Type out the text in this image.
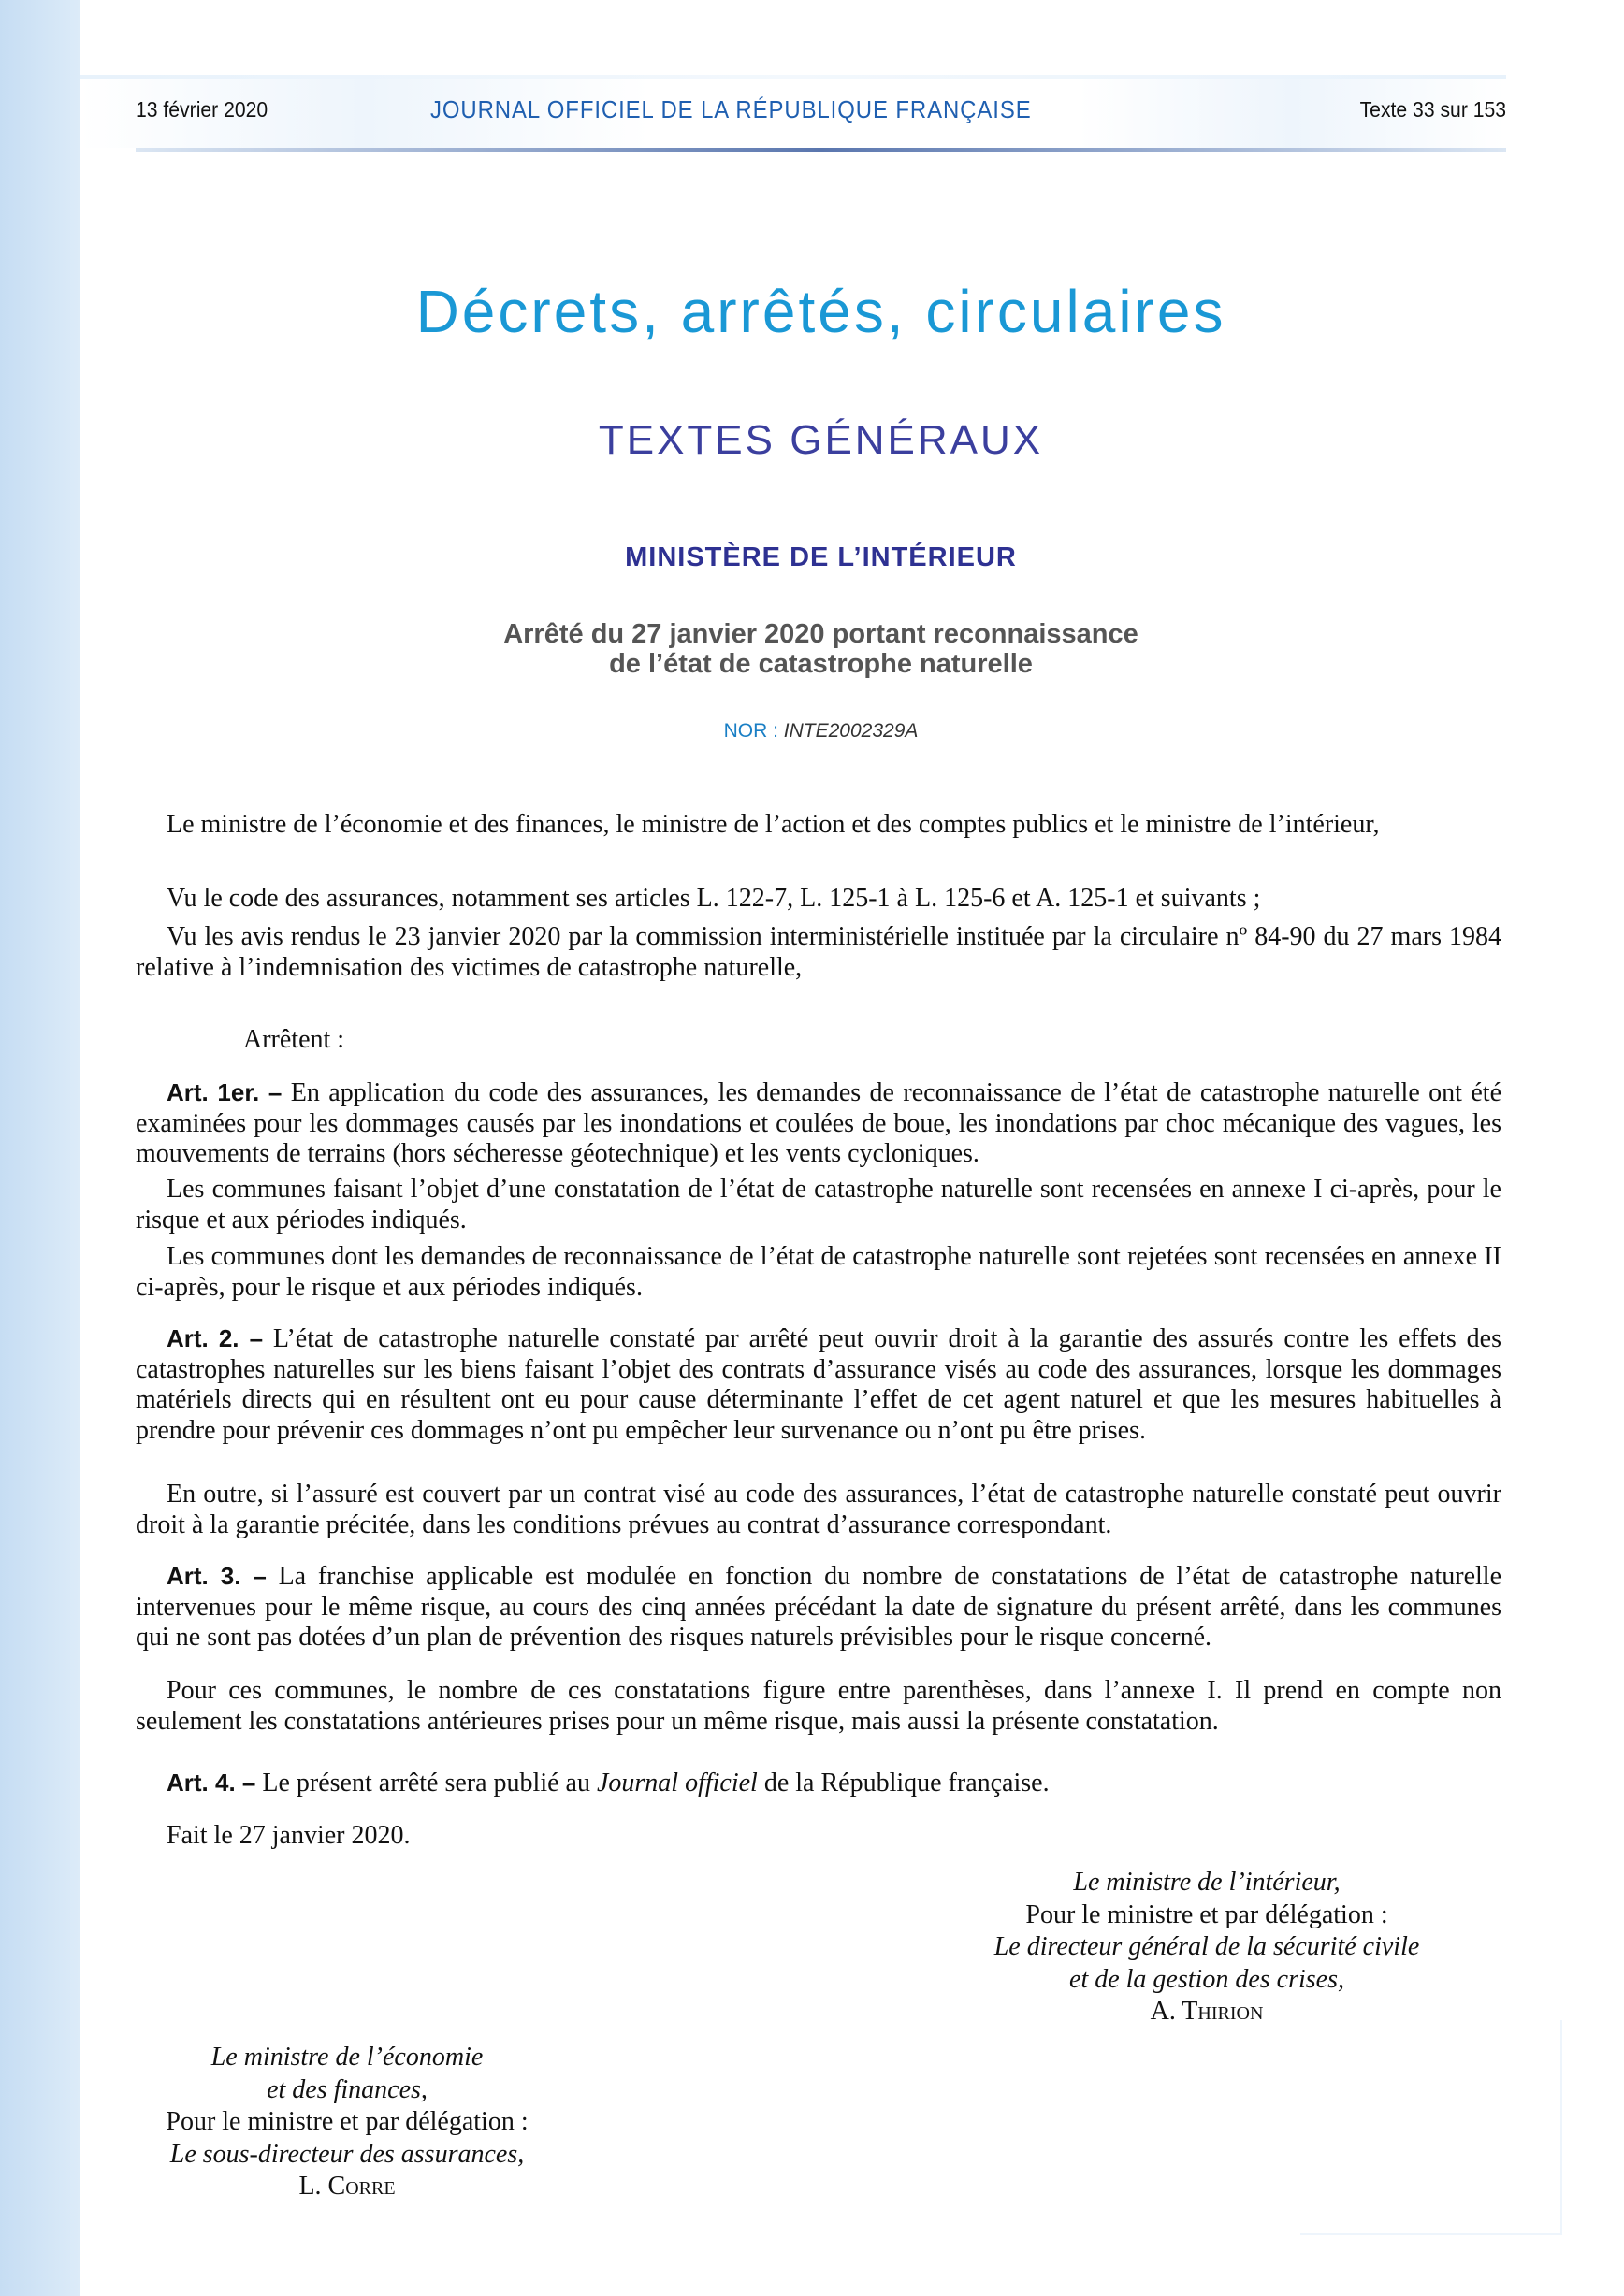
13 février 2020	JOURNAL OFFICIEL DE LA RÉPUBLIQUE FRANÇAISE	Texte 33 sur 153
Décrets, arrêtés, circulaires
TEXTES GÉNÉRAUX
MINISTÈRE DE L’INTÉRIEUR
Arrêté du 27 janvier 2020 portant reconnaissance
de l’état de catastrophe naturelle
NOR : INTE2002329A
Le ministre de l’économie et des finances, le ministre de l’action et des comptes publics et le ministre de l’intérieur,
Vu le code des assurances, notamment ses articles L. 122-7, L. 125-1 à L. 125-6 et A. 125-1 et suivants ;
Vu les avis rendus le 23 janvier 2020 par la commission interministérielle instituée par la circulaire nº 84-90 du 27 mars 1984 relative à l’indemnisation des victimes de catastrophe naturelle,
Arrêtent :
Art. 1er. – En application du code des assurances, les demandes de reconnaissance de l’état de catastrophe naturelle ont été examinées pour les dommages causés par les inondations et coulées de boue, les inondations par choc mécanique des vagues, les mouvements de terrains (hors sécheresse géotechnique) et les vents cycloniques.
Les communes faisant l’objet d’une constatation de l’état de catastrophe naturelle sont recensées en annexe I ci-après, pour le risque et aux périodes indiqués.
Les communes dont les demandes de reconnaissance de l’état de catastrophe naturelle sont rejetées sont recensées en annexe II ci-après, pour le risque et aux périodes indiqués.
Art. 2. – L’état de catastrophe naturelle constaté par arrêté peut ouvrir droit à la garantie des assurés contre les effets des catastrophes naturelles sur les biens faisant l’objet des contrats d’assurance visés au code des assurances, lorsque les dommages matériels directs qui en résultent ont eu pour cause déterminante l’effet de cet agent naturel et que les mesures habituelles à prendre pour prévenir ces dommages n’ont pu empêcher leur survenance ou n’ont pu être prises.
En outre, si l’assuré est couvert par un contrat visé au code des assurances, l’état de catastrophe naturelle constaté peut ouvrir droit à la garantie précitée, dans les conditions prévues au contrat d’assurance correspondant.
Art. 3. – La franchise applicable est modulée en fonction du nombre de constatations de l’état de catastrophe naturelle intervenues pour le même risque, au cours des cinq années précédant la date de signature du présent arrêté, dans les communes qui ne sont pas dotées d’un plan de prévention des risques naturels prévisibles pour le risque concerné.
Pour ces communes, le nombre de ces constatations figure entre parenthèses, dans l’annexe I. Il prend en compte non seulement les constatations antérieures prises pour un même risque, mais aussi la présente constatation.
Art. 4. – Le présent arrêté sera publié au Journal officiel de la République française.
Fait le 27 janvier 2020.
Le ministre de l’intérieur,
Pour le ministre et par délégation :
Le directeur général de la sécurité civile
et de la gestion des crises,
A. Thirion
Le ministre de l’économie
et des finances,
Pour le ministre et par délégation :
Le sous-directeur des assurances,
L. Corre
